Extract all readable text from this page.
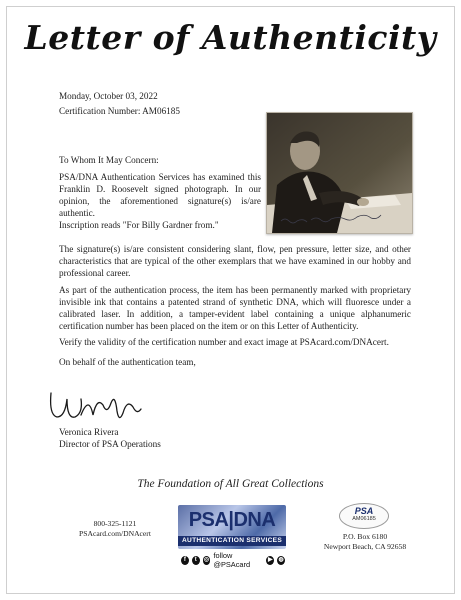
Letter of Authenticity
Monday, October 03, 2022
Certification Number: AM06185
To Whom It May Concern:
PSA/DNA Authentication Services has examined this Franklin D. Roosevelt signed photograph. In our opinion, the aforementioned signature(s) is/are authentic.
Inscription reads "For Billy Gardner from."
The signature(s) is/are consistent considering slant, flow, pen pressure, letter size, and other characteristics that are typical of the other exemplars that we have examined in our hobby and professional career.
As part of the authentication process, the item has been permanently marked with proprietary invisible ink that contains a patented strand of synthetic DNA, which will fluoresce under a calibrated laser. In addition, a tamper-evident label containing a unique alphanumeric certification number has been placed on the item or on this Letter of Authenticity.
Verify the validity of the certification number and exact image at PSAcard.com/DNAcert.
On behalf of the authentication team,
Veronica Rivera
Director of PSA Operations
The Foundation of All Great Collections
800-325-1121
PSAcard.com/DNAcert
PSA|DNA
AUTHENTICATION SERVICES
f	t	◎ follow @PSAcard
▶ ◍
PSA
AM06185
P.O. Box 6180
Newport Beach, CA 92658
